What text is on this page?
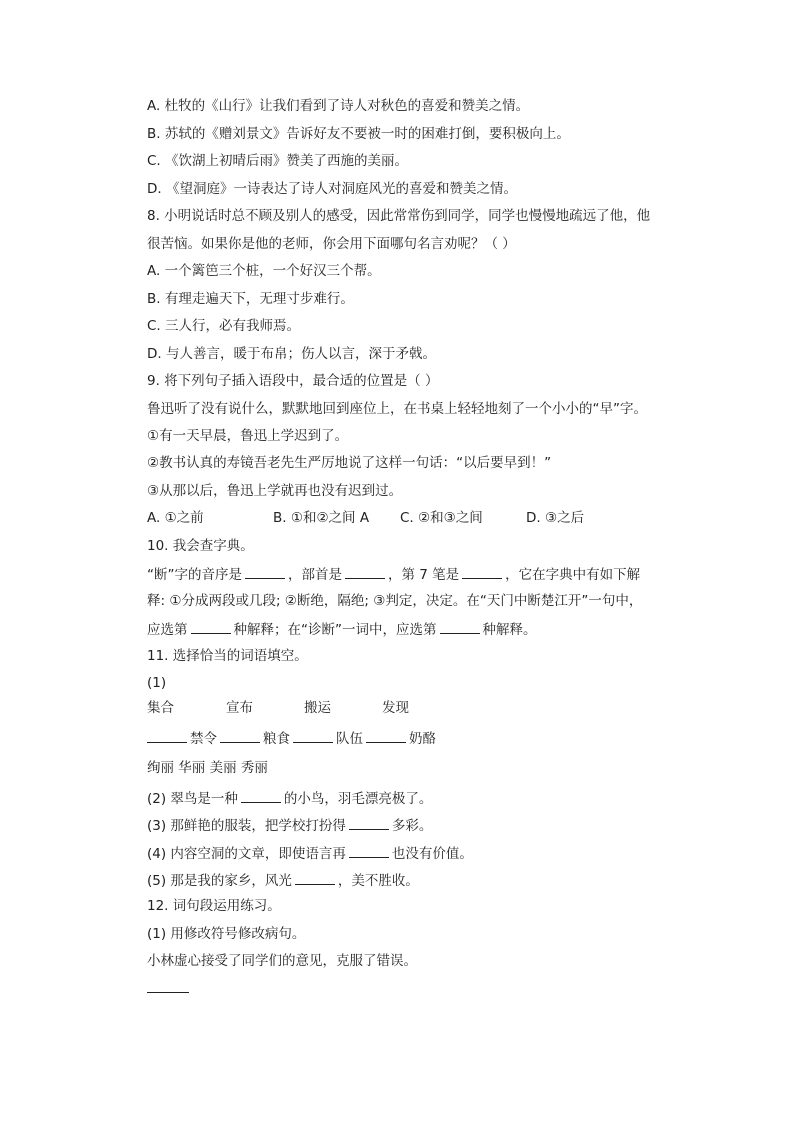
A. 杜牧的《山行》让我们看到了诗人对秋色的喜爱和赞美之情。
B. 苏轼的《赠刘景文》告诉好友不要被一时的困难打倒，要积极向上。
C. 《饮湖上初晴后雨》赞美了西施的美丽。
D. 《望洞庭》一诗表达了诗人对洞庭风光的喜爱和赞美之情。
8. 小明说话时总不顾及别人的感受，因此常常伤到同学，同学也慢慢地疏远了他，他
很苦恼。如果你是他的老师，你会用下面哪句名言劝呢？（ ）
A. 一个篱笆三个桩，一个好汉三个帮。
B. 有理走遍天下，无理寸步难行。
C. 三人行，必有我师焉。
D. 与人善言，暖于布帛；伤人以言，深于矛戟。
9. 将下列句子插入语段中，最合适的位置是（ ）
鲁迅听了没有说什么，默默地回到座位上，在书桌上轻轻地刻了一个小小的“早”字。
①有一天早晨，鲁迅上学迟到了。
②教书认真的寿镜吾老先生严厉地说了这样一句话：“以后要早到！”
③从那以后，鲁迅上学就再也没有迟到过。
A. ①之前	B. ①和②之间 A C. ②和③之间	D. ③之后
10. 我会查字典。
“断”字的音序是	，部首是	，第 7 笔是	，它在字典中有如下解
释: ①分成两段或几段; ②断绝，隔绝; ③判定，决定。在“天门中断楚江开”一句中，
应选第	种解释；在“诊断”一词中，应选第	种解释。
11. 选择恰当的词语填空。
(1)
集合	宣布	搬运	发现
禁令	粮食	队伍	奶酪
绚丽 华丽 美丽 秀丽
(2) 翠鸟是一种	的小鸟，羽毛漂亮极了。
(3) 那鲜艳的服装，把学校打扮得	多彩。
(4) 内容空洞的文章，即使语言再	也没有价值。
(5) 那是我的家乡，风光	，美不胜收。
12. 词句段运用练习。
(1) 用修改符号修改病句。
小林虚心接受了同学们的意见，克服了错误。
